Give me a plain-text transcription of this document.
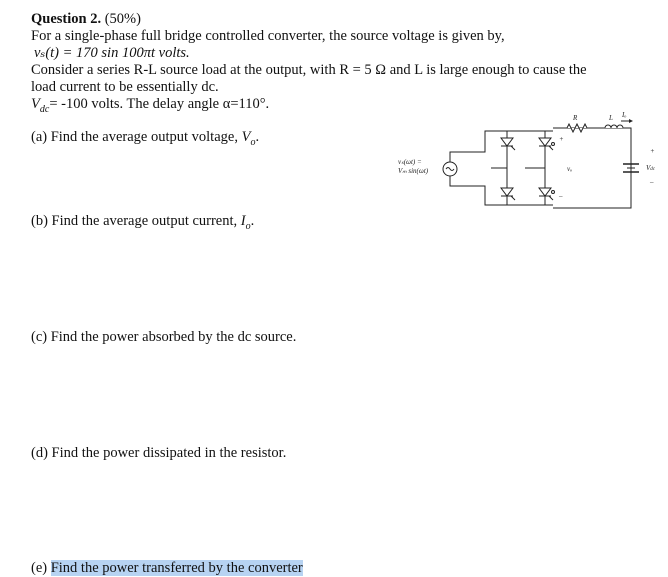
Question 2. (50%)
For a single-phase full bridge controlled converter, the source voltage is given by,
vₛ(t) = 170 sin 100πt volts.
Consider a series R-L source load at the output, with R = 5 Ω and L is large enough to cause the
load current to be essentially dc.
$V_{dc}= -100$ volts. The delay angle α=110°.
(a) Find the average output voltage, $V_o$.
(b) Find the average output current, $I_o$.
(c) Find the power absorbed by the dc source.
(d) Find the power dissipated in the resistor.
(e) Find the power transferred by the converter
vₛ(ωt) =
Vₘ sin(ωt)
R	L Iₒ
vₒ
+
–
+
–
Vdc
